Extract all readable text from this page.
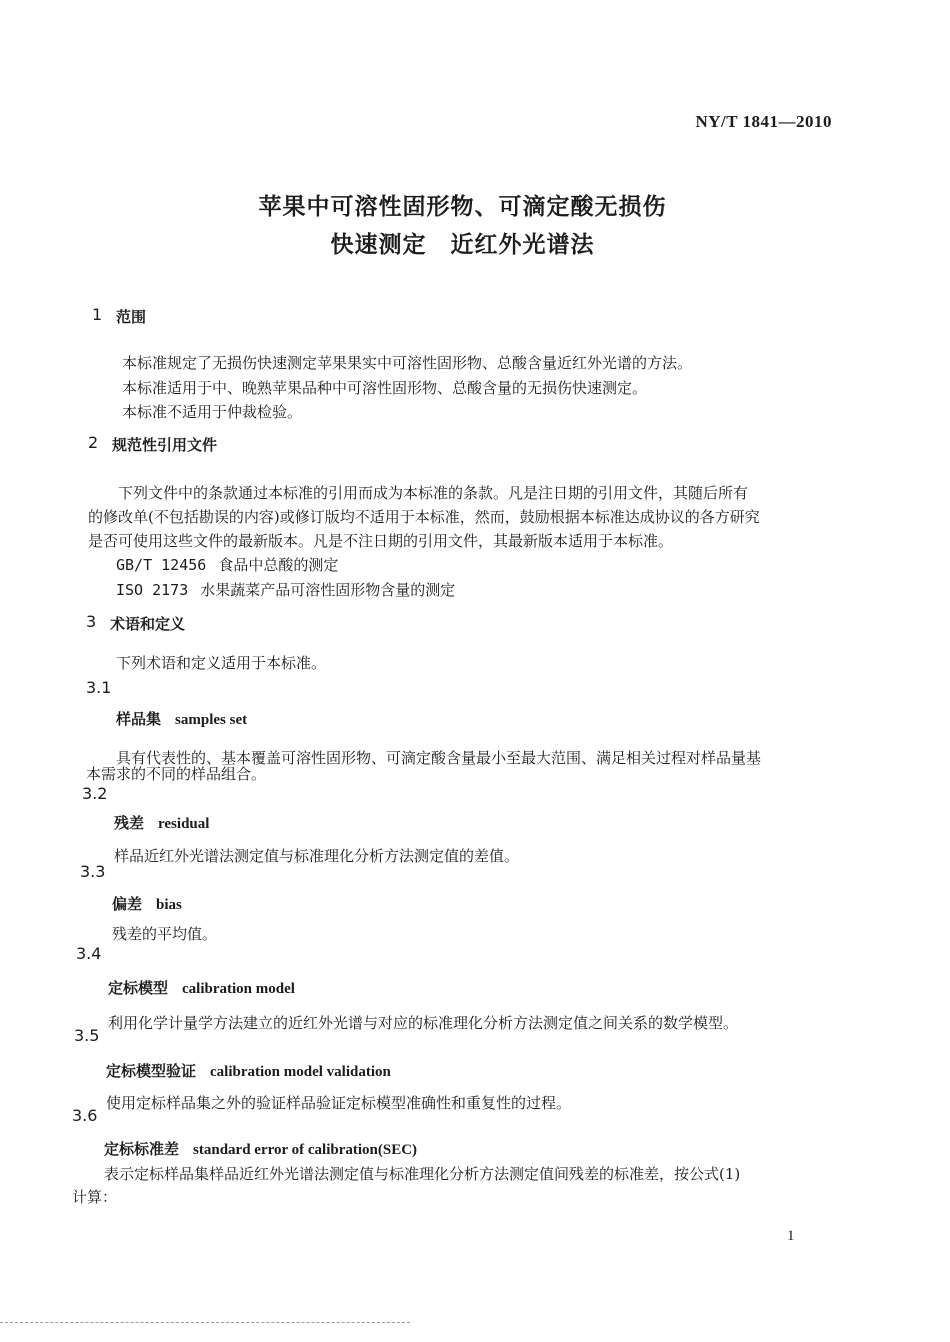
NY/T 1841—2010
苹果中可溶性固形物、可滴定酸无损伤
快速测定　近红外光谱法
1 范围
本标准规定了无损伤快速测定苹果果实中可溶性固形物、总酸含量近红外光谱的方法。
本标准适用于中、晚熟苹果品种中可溶性固形物、总酸含量的无损伤快速测定。
本标准不适用于仲裁检验。
2 规范性引用文件
下列文件中的条款通过本标准的引用而成为本标准的条款。凡是注日期的引用文件，其随后所有
的修改单(不包括勘误的内容)或修订版均不适用于本标准，然而，鼓励根据本标准达成协议的各方研究
是否可使用这些文件的最新版本。凡是不注日期的引用文件，其最新版本适用于本标准。
GB/T 12456 食品中总酸的测定
ISO 2173 水果蔬菜产品可溶性固形物含量的测定
3 术语和定义
下列术语和定义适用于本标准。
3.1
样品集 samples set
具有代表性的、基本覆盖可溶性固形物、可滴定酸含量最小至最大范围、满足相关过程对样品量基
本需求的不同的样品组合。
3.2
残差 residual
样品近红外光谱法测定值与标准理化分析方法测定值的差值。
3.3
偏差 bias
残差的平均值。
3.4
定标模型 calibration model
利用化学计量学方法建立的近红外光谱与对应的标准理化分析方法测定值之间关系的数学模型。
3.5
定标模型验证 calibration model validation
使用定标样品集之外的验证样品验证定标模型准确性和重复性的过程。
3.6
定标标准差 standard error of calibration(SEC)
表示定标样品集样品近红外光谱法测定值与标准理化分析方法测定值间残差的标准差，按公式(1)
计算：
1
